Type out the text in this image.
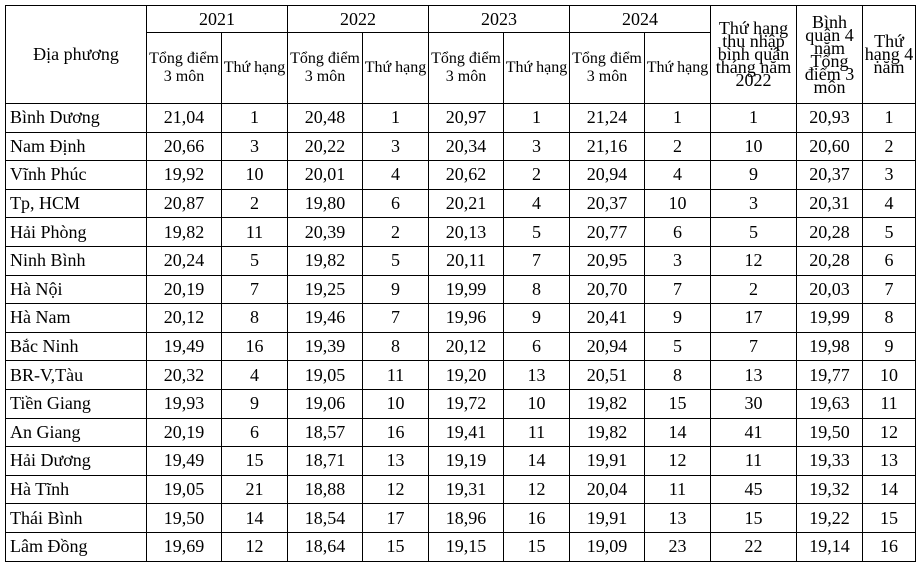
Địa phương	2021		2022		2023		2024		Thứ hạng thu nhập bình quân tháng năm 2022	Bình quân 4 năm Tổng điểm 3 môn	Thứ hạng 4 năm
	Tổng điểm 3 môn	Thứ hạng	Tổng điểm 3 môn	Thứ hạng	Tổng điểm 3 môn	Thứ hạng	Tổng điểm 3 môn	Thứ hạng			
Bình Dương	21,04	1	20,48	1	20,97	1	21,24	1	1	20,93	1
Nam Định	20,66	3	20,22	3	20,34	3	21,16	2	10	20,60	2
Vĩnh Phúc	19,92	10	20,01	4	20,62	2	20,94	4	9	20,37	3
Tp, HCM	20,87	2	19,80	6	20,21	4	20,37	10	3	20,31	4
Hải Phòng	19,82	11	20,39	2	20,13	5	20,77	6	5	20,28	5
Ninh Bình	20,24	5	19,82	5	20,11	7	20,95	3	12	20,28	6
Hà Nội	20,19	7	19,25	9	19,99	8	20,70	7	2	20,03	7
Hà Nam	20,12	8	19,46	7	19,96	9	20,41	9	17	19,99	8
Bắc Ninh	19,49	16	19,39	8	20,12	6	20,94	5	7	19,98	9
BR-V,Tàu	20,32	4	19,05	11	19,20	13	20,51	8	13	19,77	10
Tiền Giang	19,93	9	19,06	10	19,72	10	19,82	15	30	19,63	11
An Giang	20,19	6	18,57	16	19,41	11	19,82	14	41	19,50	12
Hải Dương	19,49	15	18,71	13	19,19	14	19,91	12	11	19,33	13
Hà Tĩnh	19,05	21	18,88	12	19,31	12	20,04	11	45	19,32	14
Thái Bình	19,50	14	18,54	17	18,96	16	19,91	13	15	19,22	15
Lâm Đồng	19,69	12	18,64	15	19,15	15	19,09	23	22	19,14	16
